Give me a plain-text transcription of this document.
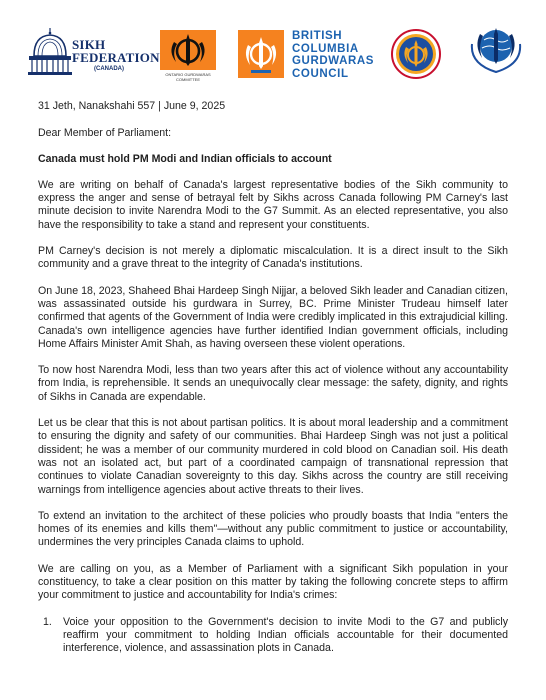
SIKH
FEDERATION
(CANADA)
ONTARIO GURDWARAS COMMITTEE
BRITISH
COLUMBIA
GURDWARAS
COUNCIL
31 Jeth, Nanakshahi 557 | June 9, 2025
Dear Member of Parliament:
Canada must hold PM Modi and Indian officials to account

We are writing on behalf of Canada's largest representative bodies of the Sikh community to express the anger and sense of betrayal felt by Sikhs across Canada following PM Carney's last minute decision to invite Narendra Modi to the G7 Summit. As an elected representative, you also have the responsibility to take a stand and represent your constituents.

PM Carney's decision is not merely a diplomatic miscalculation. It is a direct insult to the Sikh community and a grave threat to the integrity of Canada's institutions.

On June 18, 2023, Shaheed Bhai Hardeep Singh Nijjar, a beloved Sikh leader and Canadian citizen, was assassinated outside his gurdwara in Surrey, BC. Prime Minister Trudeau himself later confirmed that agents of the Government of India were credibly implicated in this extrajudicial killing. Canada's own intelligence agencies have further identified Indian government officials, including Home Affairs Minister Amit Shah, as having overseen these violent operations.

To now host Narendra Modi, less than two years after this act of violence without any accountability from India, is reprehensible. It sends an unequivocally clear message: the safety, dignity, and rights of Sikhs in Canada are expendable.

Let us be clear that this is not about partisan politics. It is about moral leadership and a commitment to ensuring the dignity and safety of our communities. Bhai Hardeep Singh was not just a political dissident; he was a member of our community murdered in cold blood on Canadian soil. His death was not an isolated act, but part of a coordinated campaign of transnational repression that continues to violate Canadian sovereignty to this day. Sikhs across the country are still receiving warnings from intelligence agencies about active threats to their lives.

To extend an invitation to the architect of these policies who proudly boasts that India "enters the homes of its enemies and kills them"—without any public commitment to justice or accountability, undermines the very principles Canada claims to uphold.

We are calling on you, as a Member of Parliament with a significant Sikh population in your constituency, to take a clear position on this matter by taking the following concrete steps to affirm your commitment to justice and accountability for India's crimes:

1. Voice your opposition to the Government's decision to invite Modi to the G7 and publicly reaffirm your commitment to holding Indian officials accountable for their documented interference, violence, and assassination plots in Canada.
